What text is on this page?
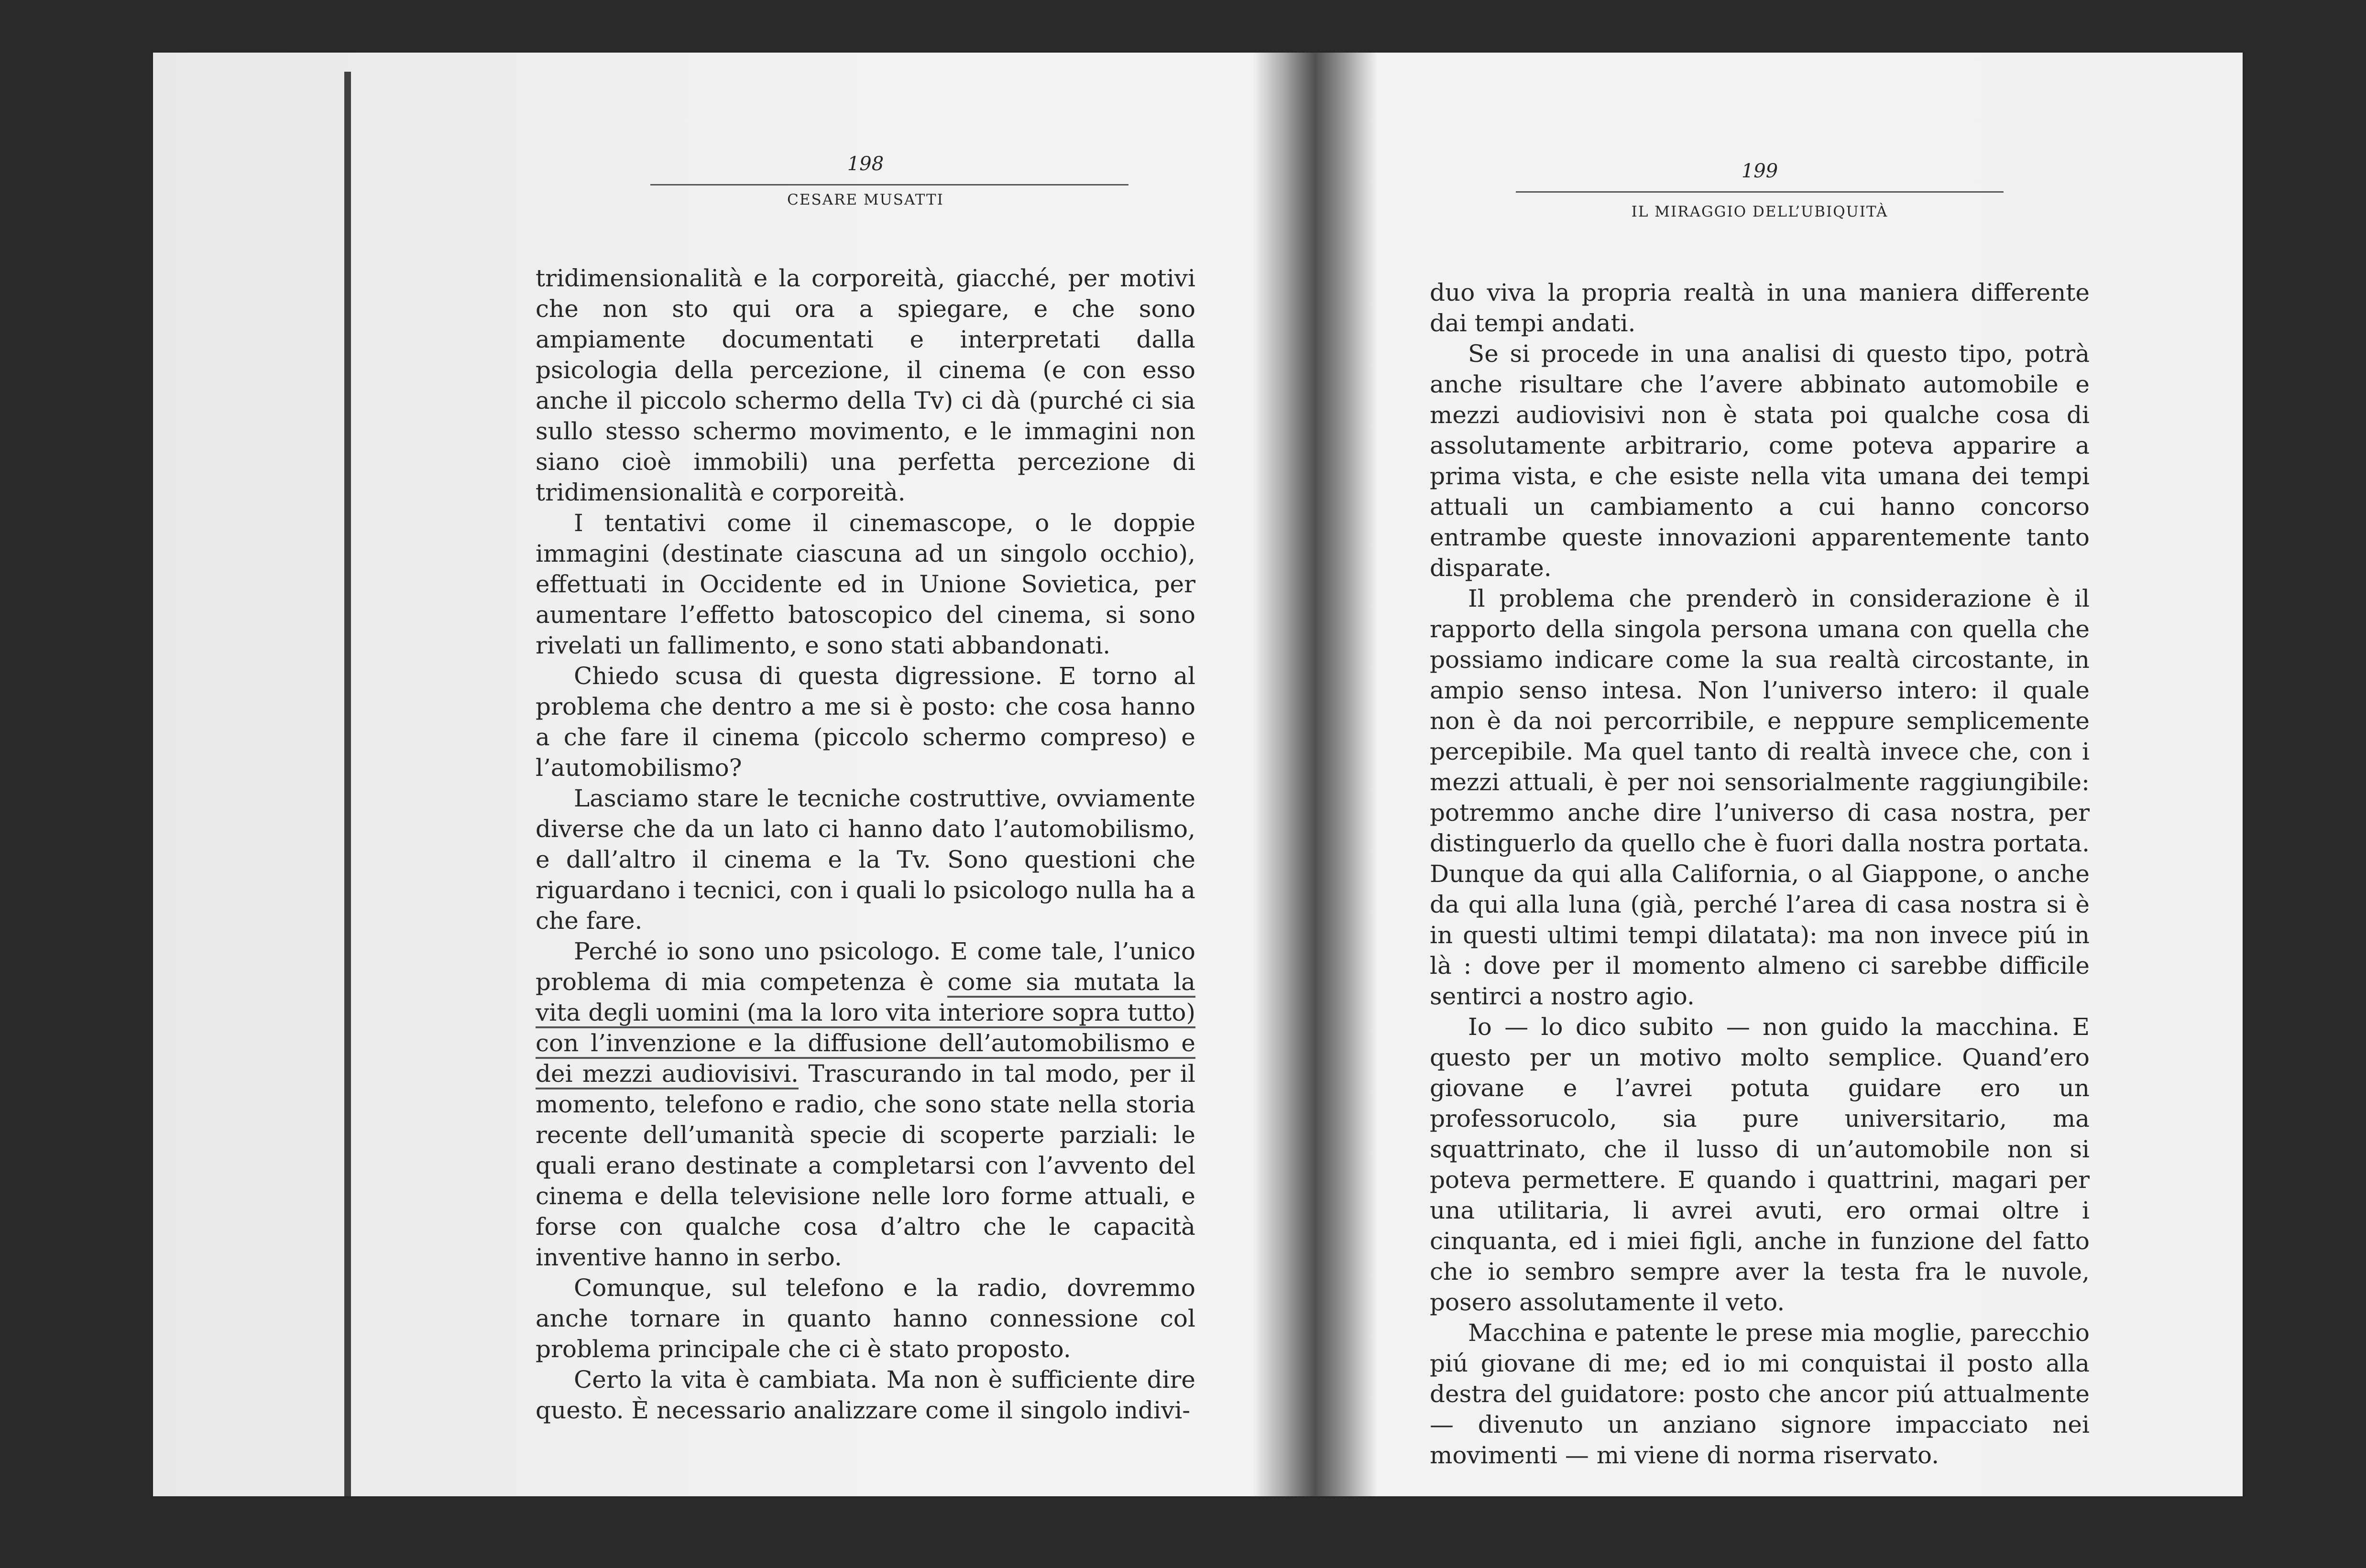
198
CESARE MUSATTI

tridimensionalità e la corporeità, giacché, per motivi che non sto qui ora a spiegare, e che sono ampiamente documentati e interpretati dalla psicologia della percezione, il cinema (e con esso anche il piccolo schermo della Tv) ci dà (purché ci sia sullo stesso schermo movimento, e le immagini non siano cioè immobili) una perfetta percezione di tridimensionalità e corporeità.

I tentativi come il cinemascope, o le doppie immagini (destinate ciascuna ad un singolo occhio), effettuati in Occidente ed in Unione Sovietica, per aumentare l’effetto batoscopico del cinema, si sono rivelati un fallimento, e sono stati abbandonati.

Chiedo scusa di questa digressione. E torno al problema che dentro a me si è posto: che cosa hanno a che fare il cinema (piccolo schermo compreso) e l’automobilismo?

Lasciamo stare le tecniche costruttive, ovviamente diverse che da un lato ci hanno dato l’automobilismo, e dall’altro il cinema e la Tv. Sono questioni che riguardano i tecnici, con i quali lo psicologo nulla ha a che fare.

Perché io sono uno psicologo. E come tale, l’unico problema di mia competenza è come sia mutata la vita degli uomini (ma la loro vita interiore sopra tutto) con l’invenzione e la diffusione dell’automobilismo e dei mezzi audiovisivi. Trascurando in tal modo, per il momento, telefono e radio, che sono state nella storia recente dell’umanità specie di scoperte parziali: le quali erano destinate a completarsi con l’avvento del cinema e della televisione nelle loro forme attuali, e forse con qualche cosa d’altro che le capacità inventive hanno in serbo.

Comunque, sul telefono e la radio, dovremmo anche tornare in quanto hanno connessione col problema principale che ci è stato proposto.

Certo la vita è cambiata. Ma non è sufficiente dire questo. È necessario analizzare come il singolo indivi-

199
IL MIRAGGIO DELL’UBIQUITÀ

duo viva la propria realtà in una maniera differente dai tempi andati.

Se si procede in una analisi di questo tipo, potrà anche risultare che l’avere abbinato automobile e mezzi audiovisivi non è stata poi qualche cosa di assolutamente arbitrario, come poteva apparire a prima vista, e che esiste nella vita umana dei tempi attuali un cambiamento a cui hanno concorso entrambe queste innovazioni apparentemente tanto disparate.

Il problema che prenderò in considerazione è il rapporto della singola persona umana con quella che possiamo indicare come la sua realtà circostante, in ampio senso intesa. Non l’universo intero: il quale non è da noi percorribile, e neppure semplicemente percepibile. Ma quel tanto di realtà invece che, con i mezzi attuali, è per noi sensorialmente raggiungibile: potremmo anche dire l’universo di casa nostra, per distinguerlo da quello che è fuori dalla nostra portata. Dunque da qui alla California, o al Giappone, o anche da qui alla luna (già, perché l’area di casa nostra si è in questi ultimi tempi dilatata): ma non invece piú in là : dove per il momento almeno ci sarebbe difficile sentirci a nostro agio.

Io — lo dico subito — non guido la macchina. E questo per un motivo molto semplice. Quand’ero giovane e l’avrei potuta guidare ero un professorucolo, sia pure universitario, ma squattrinato, che il lusso di un’automobile non si poteva permettere. E quando i quattrini, magari per una utilitaria, li avrei avuti, ero ormai oltre i cinquanta, ed i miei figli, anche in funzione del fatto che io sembro sempre aver la testa fra le nuvole, posero assolutamente il veto.

Macchina e patente le prese mia moglie, parecchio piú giovane di me; ed io mi conquistai il posto alla destra del guidatore: posto che ancor piú attualmente — divenuto un anziano signore impacciato nei movimenti — mi viene di norma riservato.
